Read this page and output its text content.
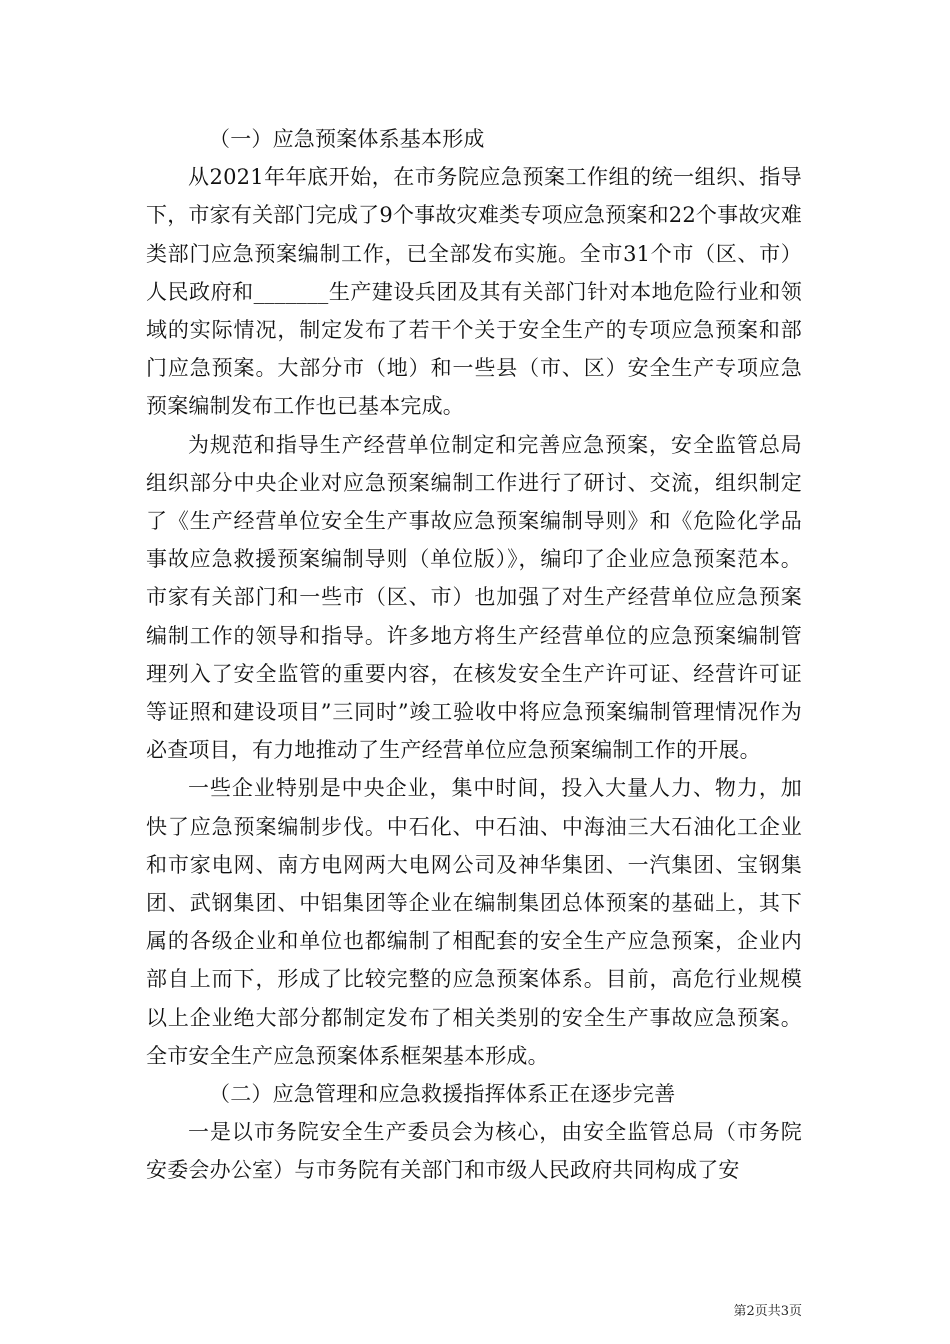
（一）应急预案体系基本形成

从2021年年底开始，在市务院应急预案工作组的统一组织、指导下，市家有关部门完成了9个事故灾难类专项应急预案和22个事故灾难类部门应急预案编制工作，已全部发布实施。全市31个市（区、市）人民政府和_______生产建设兵团及其有关部门针对本地危险行业和领域的实际情况，制定发布了若干个关于安全生产的专项应急预案和部门应急预案。大部分市（地）和一些县（市、区）安全生产专项应急预案编制发布工作也已基本完成。

为规范和指导生产经营单位制定和完善应急预案，安全监管总局组织部分中央企业对应急预案编制工作进行了研讨、交流，组织制定了《生产经营单位安全生产事故应急预案编制导则》和《危险化学品事故应急救援预案编制导则（单位版）》，编印了企业应急预案范本。市家有关部门和一些市（区、市）也加强了对生产经营单位应急预案编制工作的领导和指导。许多地方将生产经营单位的应急预案编制管理列入了安全监管的重要内容，在核发安全生产许可证、经营许可证等证照和建设项目”三同时”竣工验收中将应急预案编制管理情况作为必查项目，有力地推动了生产经营单位应急预案编制工作的开展。

一些企业特别是中央企业，集中时间，投入大量人力、物力，加快了应急预案编制步伐。中石化、中石油、中海油三大石油化工企业和市家电网、南方电网两大电网公司及神华集团、一汽集团、宝钢集团、武钢集团、中铝集团等企业在编制集团总体预案的基础上，其下属的各级企业和单位也都编制了相配套的安全生产应急预案，企业内部自上而下，形成了比较完整的应急预案体系。目前，高危行业规模以上企业绝大部分都制定发布了相关类别的安全生产事故应急预案。全市安全生产应急预案体系框架基本形成。

（二）应急管理和应急救援指挥体系正在逐步完善

一是以市务院安全生产委员会为核心，由安全监管总局（市务院安委会办公室）与市务院有关部门和市级人民政府共同构成了安

第2页共3页
